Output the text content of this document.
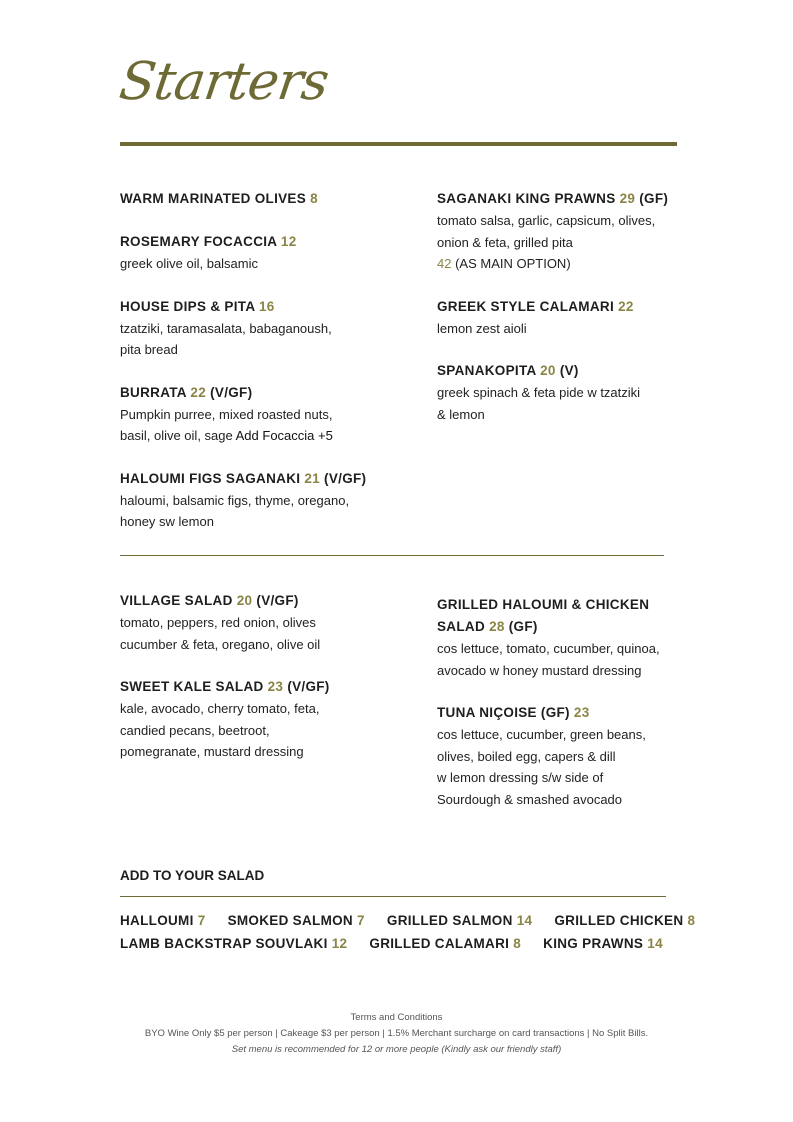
Starters
WARM MARINATED OLIVES 8
ROSEMARY FOCACCIA 12
greek olive oil, balsamic
HOUSE DIPS & PITA 16
tzatziki, taramasalata, babaganoush,
pita bread
BURRATA 22 (V/GF)
Pumpkin purree, mixed roasted nuts,
basil, olive oil, sage Add Focaccia +5
HALOUMI FIGS SAGANAKI 21 (V/GF)
haloumi, balsamic figs, thyme, oregano,
honey sw lemon
SAGANAKI KING PRAWNS 29 (GF)
tomato salsa, garlic, capsicum, olives,
onion & feta, grilled pita
42 (AS MAIN OPTION)
GREEK STYLE CALAMARI 22
lemon zest aioli
SPANAKOPITA 20 (V)
greek spinach & feta pide w tzatziki
& lemon
VILLAGE SALAD 20 (V/GF)
tomato, peppers, red onion, olives
cucumber & feta, oregano, olive oil
SWEET KALE SALAD 23 (V/GF)
kale, avocado, cherry tomato, feta,
candied pecans, beetroot,
pomegranate, mustard dressing
GRILLED HALOUMI & CHICKEN
SALAD 28 (GF)
cos lettuce, tomato, cucumber, quinoa,
avocado w honey mustard dressing
TUNA NIÇOISE (GF) 23
cos lettuce, cucumber, green beans,
olives, boiled egg, capers & dill
w lemon dressing s/w side of
Sourdough & smashed avocado
ADD TO YOUR SALAD
HALLOUMI 7 SMOKED SALMON 7 GRILLED SALMON 14 GRILLED CHICKEN 8
LAMB BACKSTRAP SOUVLAKI 12 GRILLED CALAMARI 8 KING PRAWNS 14
Terms and Conditions
BYO Wine Only $5 per person | Cakeage $3 per person | 1.5% Merchant surcharge on card transactions | No Split Bills.
Set menu is recommended for 12 or more people (Kindly ask our friendly staff)
